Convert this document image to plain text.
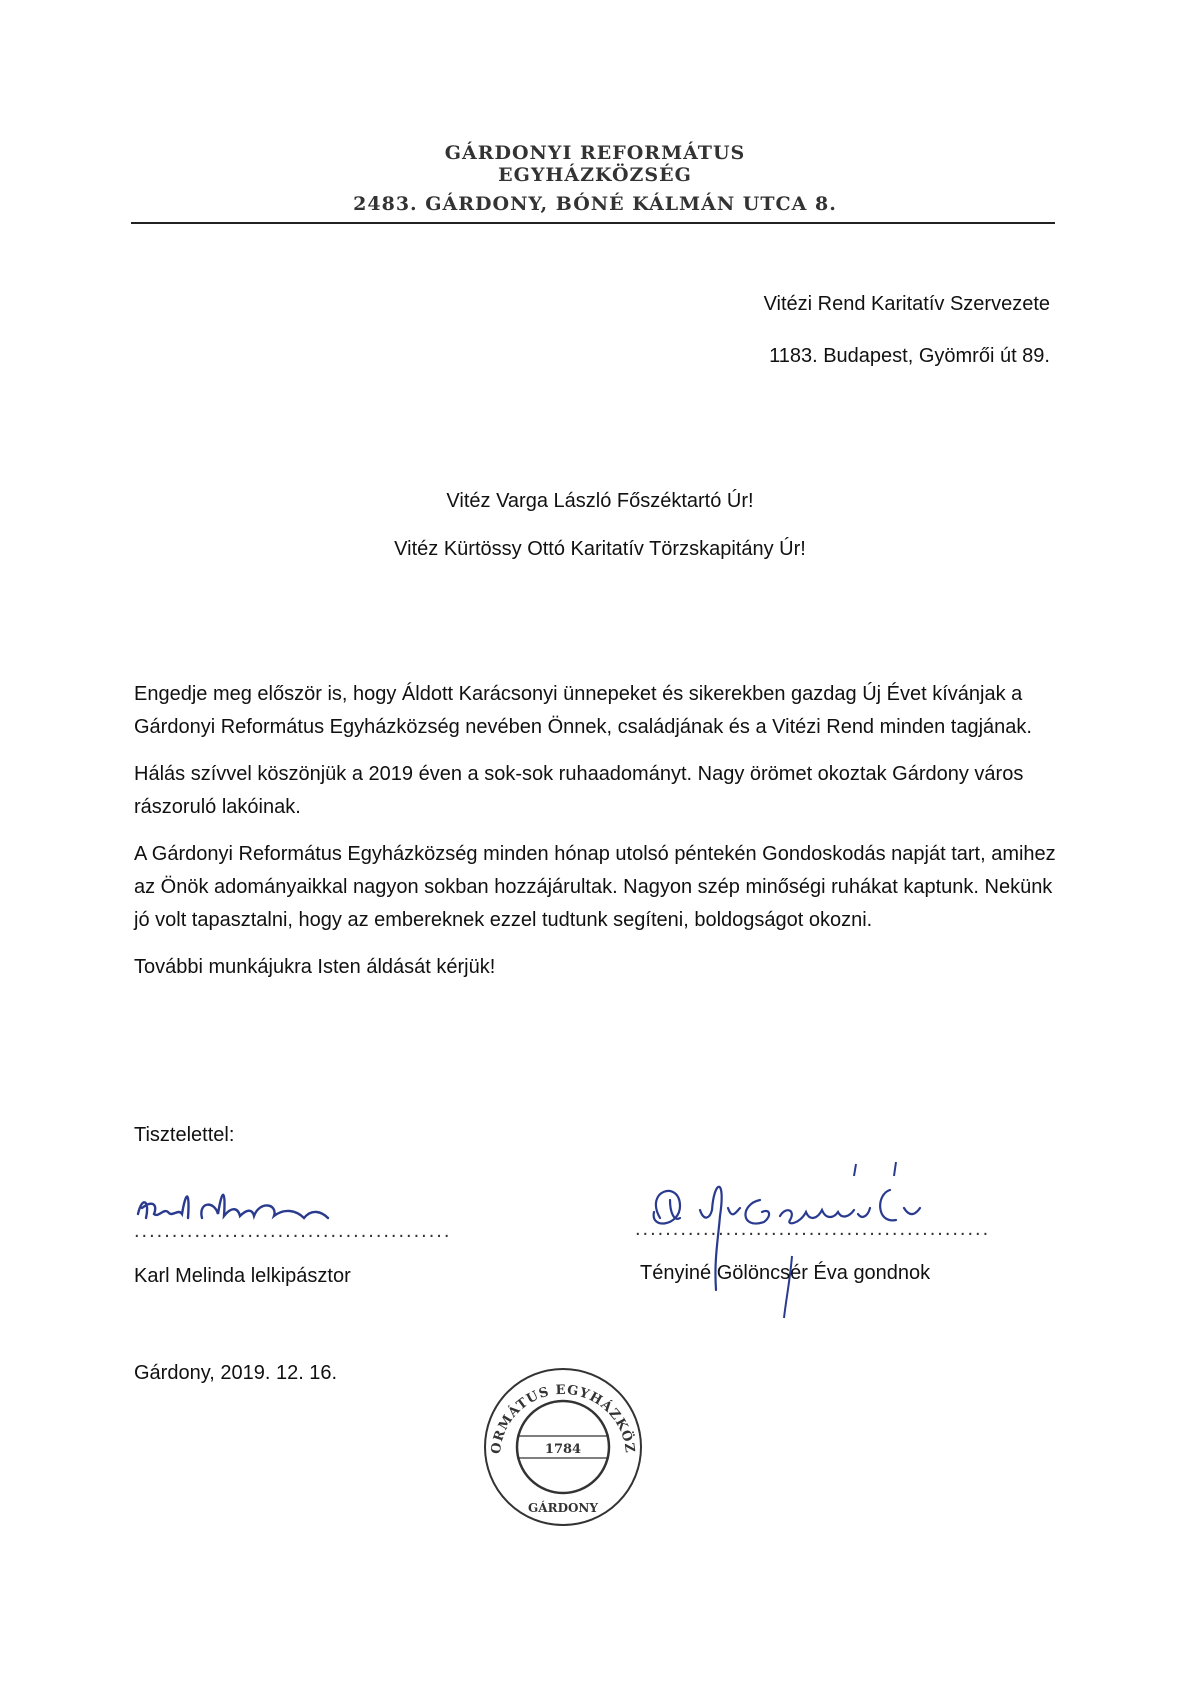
GÁRDONYI REFORMÁTUS EGYHÁZKÖZSÉG
2483. GÁRDONY, BÓNÉ KÁLMÁN UTCA 8.
Vitézi Rend Karitatív Szervezete
1183. Budapest, Gyömrői út 89.
Vitéz Varga László Főszéktartó Úr!
Vitéz Kürtössy Ottó Karitatív Törzskapitány Úr!

Engedje meg először is, hogy Áldott Karácsonyi ünnepeket és sikerekben gazdag Új Évet kívánjak a Gárdonyi Református Egyházközség nevében Önnek, családjának és a Vitézi Rend minden tagjának.

Hálás szívvel köszönjük a 2019 éven a sok-sok ruhaadományt. Nagy örömet okoztak Gárdony város rászoruló lakóinak.

A Gárdonyi Református Egyházközség minden hónap utolsó péntekén Gondoskodás napját tart, amihez az Önök adományaikkal nagyon sokban hozzájárultak. Nagyon szép minőségi ruhákat kaptunk. Nekünk jó volt tapasztalni, hogy az embereknek ezzel tudtunk segíteni, boldogságot okozni.

További munkájukra Isten áldását kérjük!

Tisztelettel:
..........................................
Karl Melinda lelkipásztor
...............................................
Tényiné Gölöncsér Éva gondnok
Gárdony, 2019. 12. 16.
REFORMÁTUS EGYHÁZKÖZSÉG
1784
GÁRDONY
